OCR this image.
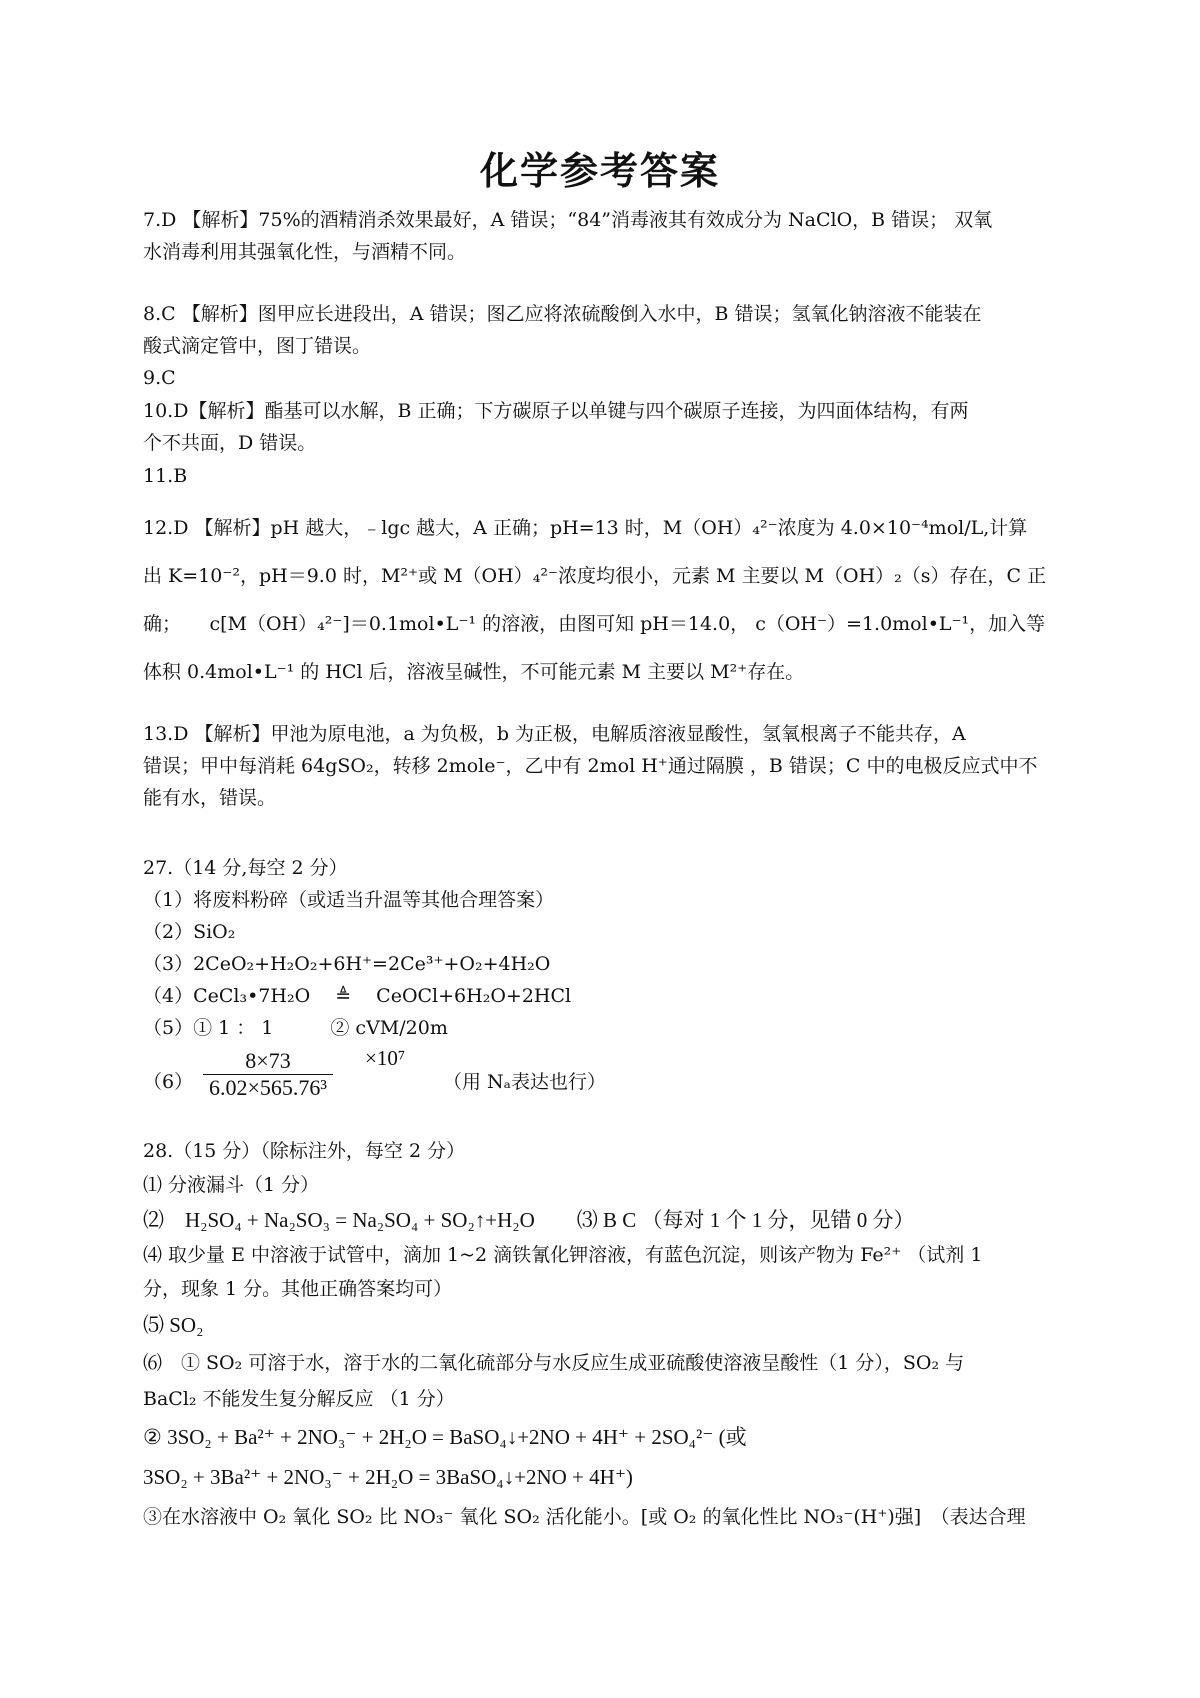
化学参考答案
7.D 【解析】75%的酒精消杀效果最好，A 错误；“84”消毒液其有效成分为 NaClO，B 错误； 双氧
水消毒利用其强氧化性，与酒精不同。
8.C 【解析】图甲应长进段出，A 错误；图乙应将浓硫酸倒入水中，B 错误；氢氧化钠溶液不能装在
酸式滴定管中，图丁错误。
9.C
10.D【解析】酯基可以水解，B 正确；下方碳原子以单键与四个碳原子连接，为四面体结构，有两
个不共面，D 错误。
11.B
12.D 【解析】pH 越大，﹣lgc 越大，A 正确；pH=13 时，M（OH）₄²⁻浓度为 4.0×10⁻⁴mol/L,计算
出 K=10⁻²，pH＝9.0 时，M²⁺或 M（OH）₄²⁻浓度均很小，元素 M 主要以 M（OH）₂（s）存在，C 正
确；　　c[M（OH）₄²⁻]＝0.1mol•L⁻¹ 的溶液，由图可知 pH＝14.0， c（OH⁻）=1.0mol•L⁻¹，加入等
体积 0.4mol•L⁻¹ 的 HCl 后，溶液呈碱性，不可能元素 M 主要以 M²⁺存在。
13.D 【解析】甲池为原电池，a 为负极，b 为正极，电解质溶液显酸性，氢氧根离子不能共存，A
错误；甲中每消耗 64gSO₂，转移 2mole⁻，乙中有 2mol H⁺通过隔膜 ，B 错误；C 中的电极反应式中不
能有水，错误。
27.（14 分,每空 2 分）
（1）将废料粉碎（或适当升温等其他合理答案）
（2）SiO₂
（3）2CeO₂+H₂O₂+6H⁺=2Ce³⁺+O₂+4H₂O
（4）CeCl₃•7H₂O　 ≜　 CeOCl+6H₂O+2HCl
（5）① 1 ： 1　　　② cVM/20m
$(6) \frac{8\times 73}{\text{6.02×565.76³}} \times 10^7$
（用 Nₐ表达也行）
28.（15 分）（除标注外，每空 2 分）
⑴ 分液漏斗（1 分）
⑵　H₂SO₄ + Na₂SO₃ = Na₂SO₄ + SO₂↑+H₂O　　⑶ B C （每对 1 个 1 分，见错 0 分）
⑷ 取少量 E 中溶液于试管中，滴加 1~2 滴铁氰化钾溶液，有蓝色沉淀，则该产物为 Fe²⁺ （试剂 1
分，现象 1 分。其他正确答案均可）
⑸ SO₂
⑹　① SO₂ 可溶于水，溶于水的二氧化硫部分与水反应生成亚硫酸使溶液呈酸性（1 分），SO₂ 与
BaCl₂ 不能发生复分解反应 （1 分）
② 3SO₂ + Ba²⁺ + 2NO₃⁻ + 2H₂O = BaSO₄↓+2NO + 4H⁺ + 2SO₄²⁻ (或
3SO₂ + 3Ba²⁺ + 2NO₃⁻ + 2H₂O = 3BaSO₄↓+2NO + 4H⁺)
③在水溶液中 O₂ 氧化 SO₂ 比 NO₃⁻ 氧化 SO₂ 活化能小。[或 O₂ 的氧化性比 NO₃⁻(H⁺)强]　（表达合理
